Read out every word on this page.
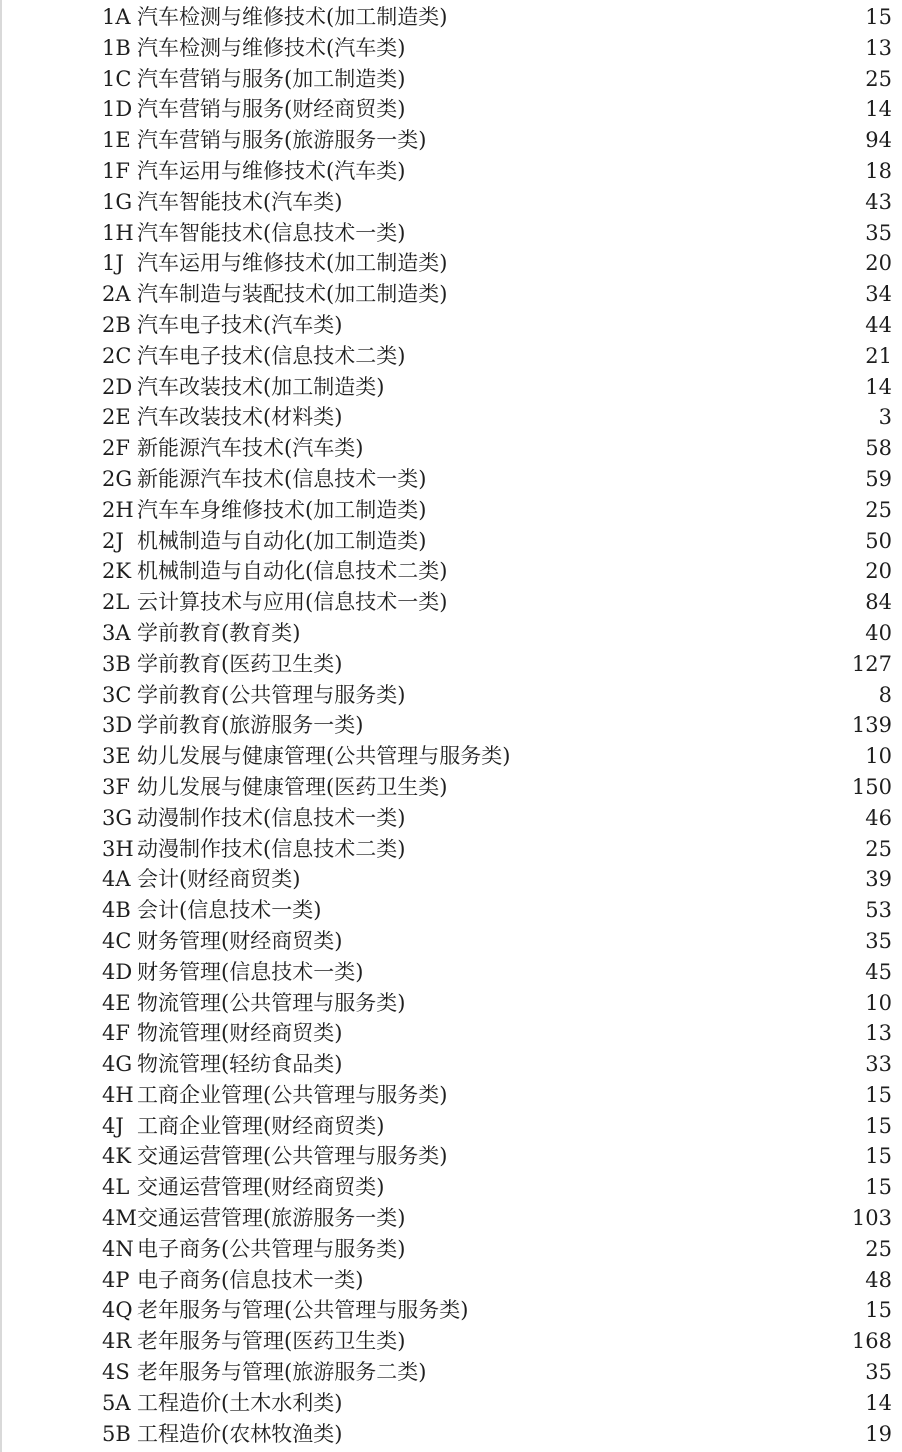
1A 汽车检测与维修技术(加工制造类)	15
1B 汽车检测与维修技术(汽车类)	13
1C 汽车营销与服务(加工制造类)	25
1D 汽车营销与服务(财经商贸类)	14
1E 汽车营销与服务(旅游服务一类)	94
1F 汽车运用与维修技术(汽车类)	18
1G 汽车智能技术(汽车类)	43
1H 汽车智能技术(信息技术一类)	35
1J 汽车运用与维修技术(加工制造类)	20
2A 汽车制造与装配技术(加工制造类)	34
2B 汽车电子技术(汽车类)	44
2C 汽车电子技术(信息技术二类)	21
2D 汽车改装技术(加工制造类)	14
2E 汽车改装技术(材料类)	3
2F 新能源汽车技术(汽车类)	58
2G 新能源汽车技术(信息技术一类)	59
2H 汽车车身维修技术(加工制造类)	25
2J 机械制造与自动化(加工制造类)	50
2K 机械制造与自动化(信息技术二类)	20
2L 云计算技术与应用(信息技术一类)	84
3A 学前教育(教育类)	40
3B 学前教育(医药卫生类)	127
3C 学前教育(公共管理与服务类)	8
3D 学前教育(旅游服务一类)	139
3E 幼儿发展与健康管理(公共管理与服务类)	10
3F 幼儿发展与健康管理(医药卫生类)	150
3G 动漫制作技术(信息技术一类)	46
3H 动漫制作技术(信息技术二类)	25
4A 会计(财经商贸类)	39
4B 会计(信息技术一类)	53
4C 财务管理(财经商贸类)	35
4D 财务管理(信息技术一类)	45
4E 物流管理(公共管理与服务类)	10
4F 物流管理(财经商贸类)	13
4G 物流管理(轻纺食品类)	33
4H 工商企业管理(公共管理与服务类)	15
4J 工商企业管理(财经商贸类)	15
4K 交通运营管理(公共管理与服务类)	15
4L 交通运营管理(财经商贸类)	15
4M 交通运营管理(旅游服务一类)	103
4N 电子商务(公共管理与服务类)	25
4P 电子商务(信息技术一类)	48
4Q 老年服务与管理(公共管理与服务类)	15
4R 老年服务与管理(医药卫生类)	168
4S 老年服务与管理(旅游服务二类)	35
5A 工程造价(土木水利类)	14
5B 工程造价(农林牧渔类)	19
